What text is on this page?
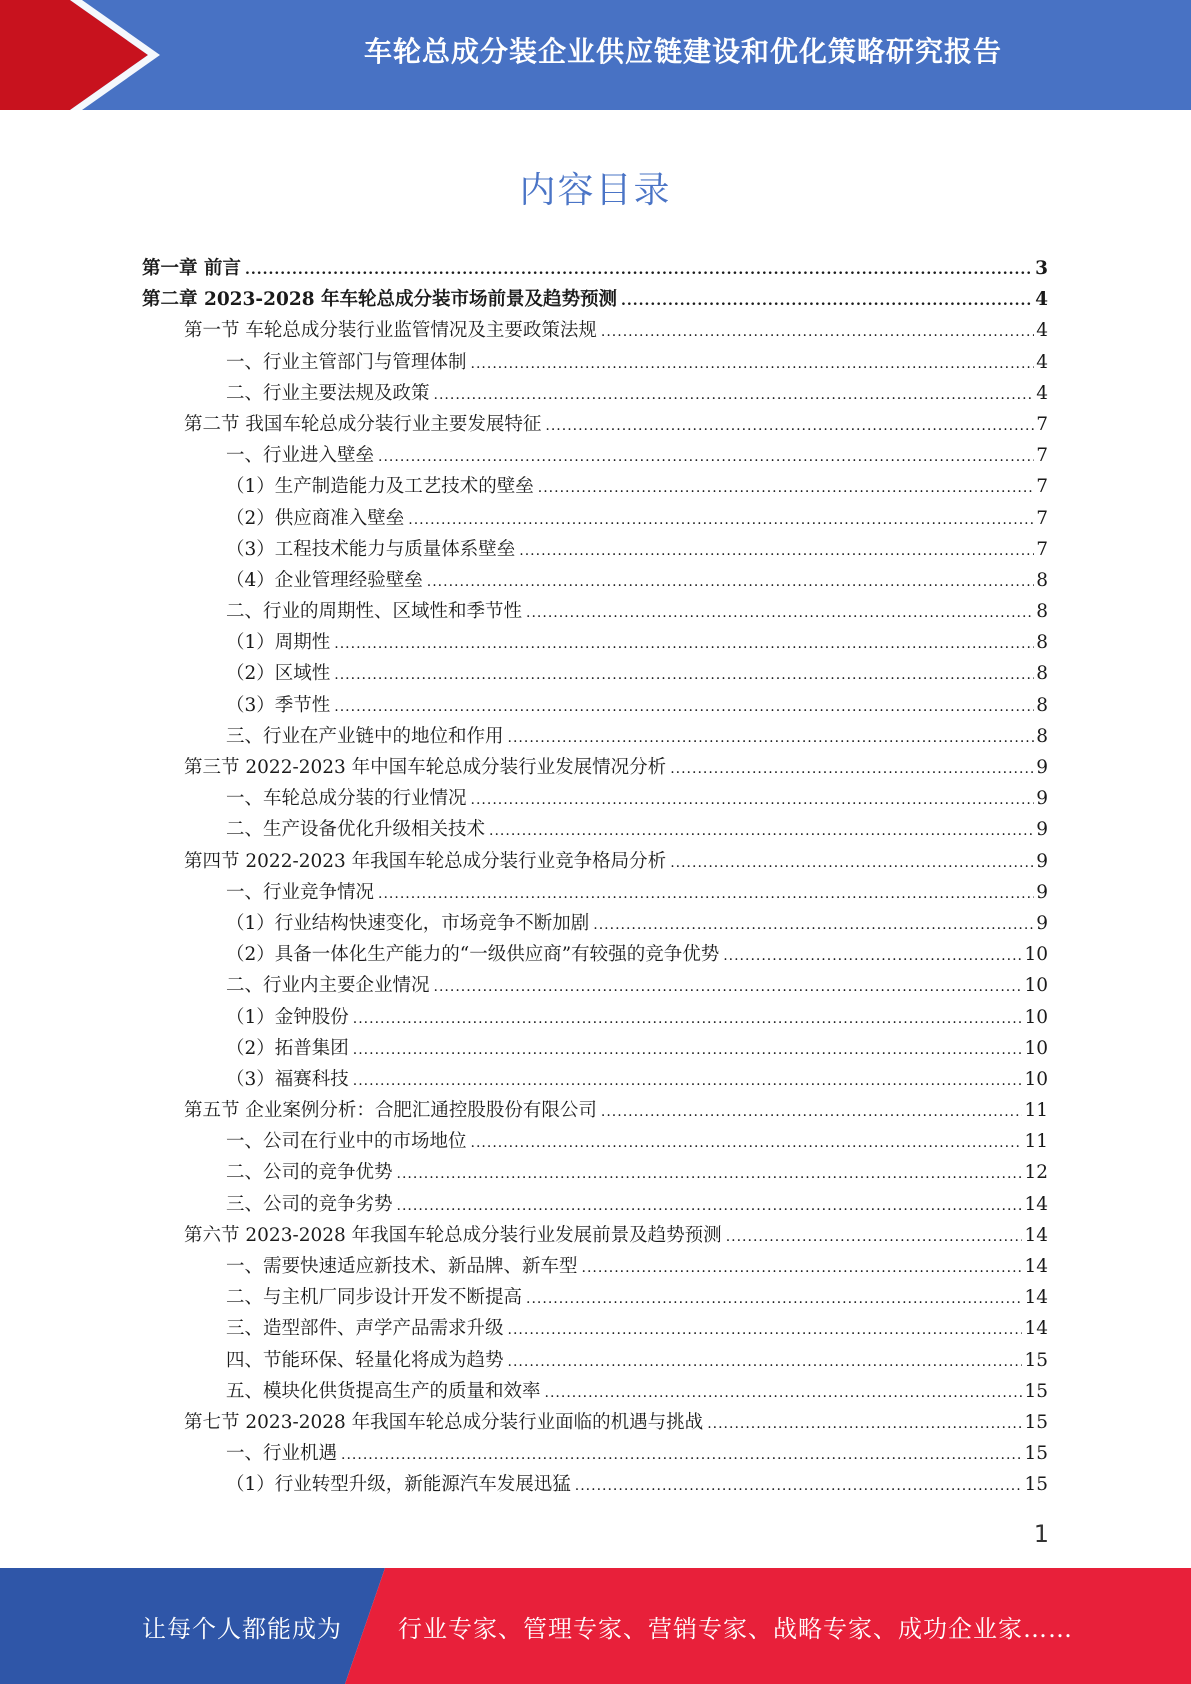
车轮总成分装企业供应链建设和优化策略研究报告
内容目录
第一章 前言 .....	3
第二章 2023-2028 年车轮总成分装市场前景及趋势预测 .....	4
第一节 车轮总成分装行业监管情况及主要政策法规 .....	4
一、行业主管部门与管理体制 .....	4
二、行业主要法规及政策 .....	4
第二节 我国车轮总成分装行业主要发展特征 .....	7
一、行业进入壁垒 .....	7
（1）生产制造能力及工艺技术的壁垒 .....	7
（2）供应商准入壁垒 .....	7
（3）工程技术能力与质量体系壁垒 .....	7
（4）企业管理经验壁垒 .....	8
二、行业的周期性、区域性和季节性 .....	8
（1）周期性 .....	8
（2）区域性 .....	8
（3）季节性 .....	8
三、行业在产业链中的地位和作用 .....	8
第三节 2022-2023 年中国车轮总成分装行业发展情况分析 .....	9
一、车轮总成分装的行业情况 .....	9
二、生产设备优化升级相关技术 .....	9
第四节 2022-2023 年我国车轮总成分装行业竞争格局分析 .....	9
一、行业竞争情况 .....	9
（1）行业结构快速变化，市场竞争不断加剧 .....	9
（2）具备一体化生产能力的“一级供应商”有较强的竞争优势 .....	10
二、行业内主要企业情况 .....	10
（1）金钟股份 .....	10
（2）拓普集团 .....	10
（3）福赛科技 .....	10
第五节 企业案例分析：合肥汇通控股股份有限公司 .....	11
一、公司在行业中的市场地位 .....	11
二、公司的竞争优势 .....	12
三、公司的竞争劣势 .....	14
第六节 2023-2028 年我国车轮总成分装行业发展前景及趋势预测 .....	14
一、需要快速适应新技术、新品牌、新车型 .....	14
二、与主机厂同步设计开发不断提高 .....	14
三、造型部件、声学产品需求升级 .....	14
四、节能环保、轻量化将成为趋势 .....	15
五、模块化供货提高生产的质量和效率 .....	15
第七节 2023-2028 年我国车轮总成分装行业面临的机遇与挑战 .....	15
一、行业机遇 .....	15
（1）行业转型升级，新能源汽车发展迅猛 .....	15
1
让每个人都能成为 行业专家、管理专家、营销专家、战略专家、成功企业家……
